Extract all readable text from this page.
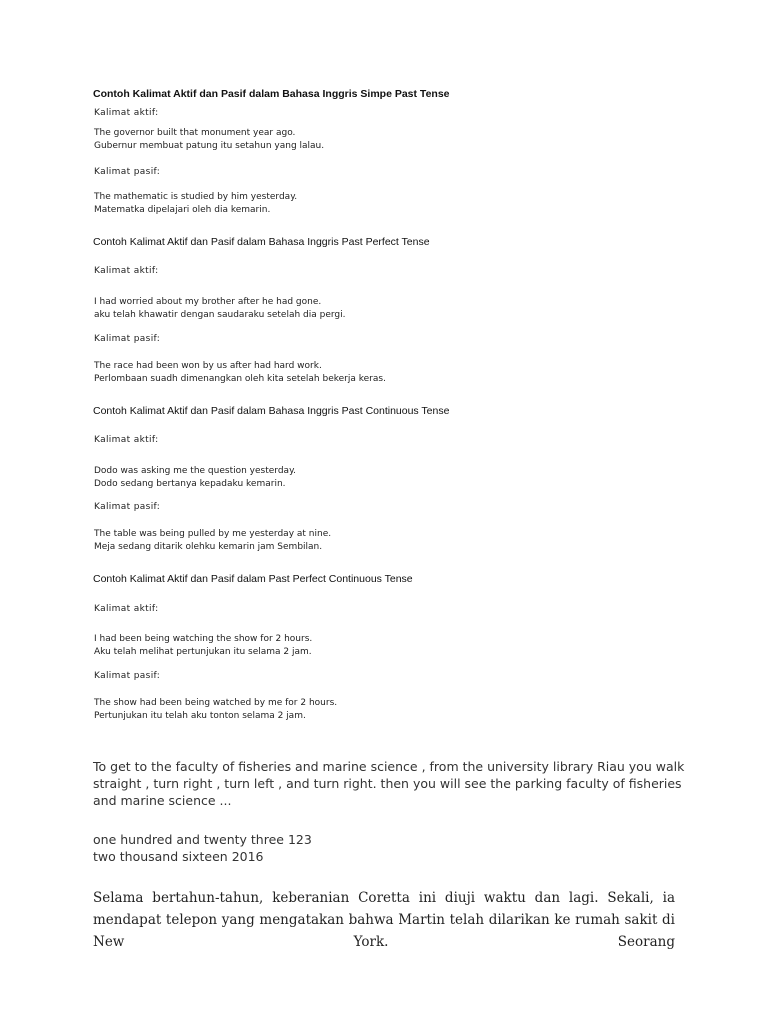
Contoh Kalimat Aktif dan Pasif dalam Bahasa Inggris Simpe Past Tense
Kalimat aktif:
The governor built that monument year ago.
Gubernur membuat patung itu setahun yang lalau.
Kalimat pasif:
The mathematic is studied by him yesterday.
Matematka dipelajari oleh dia kemarin.
Contoh Kalimat Aktif dan Pasif dalam Bahasa Inggris Past Perfect Tense
Kalimat aktif:
I had worried about my brother after he had gone.
aku telah khawatir dengan saudaraku setelah dia pergi.
Kalimat pasif:
The race had been won by us after had hard work.
Perlombaan suadh dimenangkan oleh kita setelah bekerja keras.
Contoh Kalimat Aktif dan Pasif dalam Bahasa Inggris Past Continuous Tense
Kalimat aktif:
Dodo was asking me the question yesterday.
Dodo sedang bertanya kepadaku kemarin.
Kalimat pasif:
The table was being pulled by me yesterday at nine.
Meja sedang ditarik olehku kemarin jam Sembilan.
Contoh Kalimat Aktif dan Pasif dalam Past Perfect Continuous Tense
Kalimat aktif:
I had been being watching the show for 2 hours.
Aku telah melihat pertunjukan itu selama 2 jam.
Kalimat pasif:
The show had been being watched by me for 2 hours.
Pertunjukan itu telah aku tonton selama 2 jam.
To get to the faculty of fisheries and marine science , from the university library Riau you walk straight , turn right , turn left , and turn right. then you will see the parking faculty of fisheries and marine science ...
one hundred and twenty three 123
two thousand sixteen 2016
Selama bertahun-tahun, keberanian Coretta ini diuji waktu dan lagi. Sekali, ia mendapat telepon yang mengatakan bahwa Martin telah dilarikan ke rumah sakit di New York. Seorang
